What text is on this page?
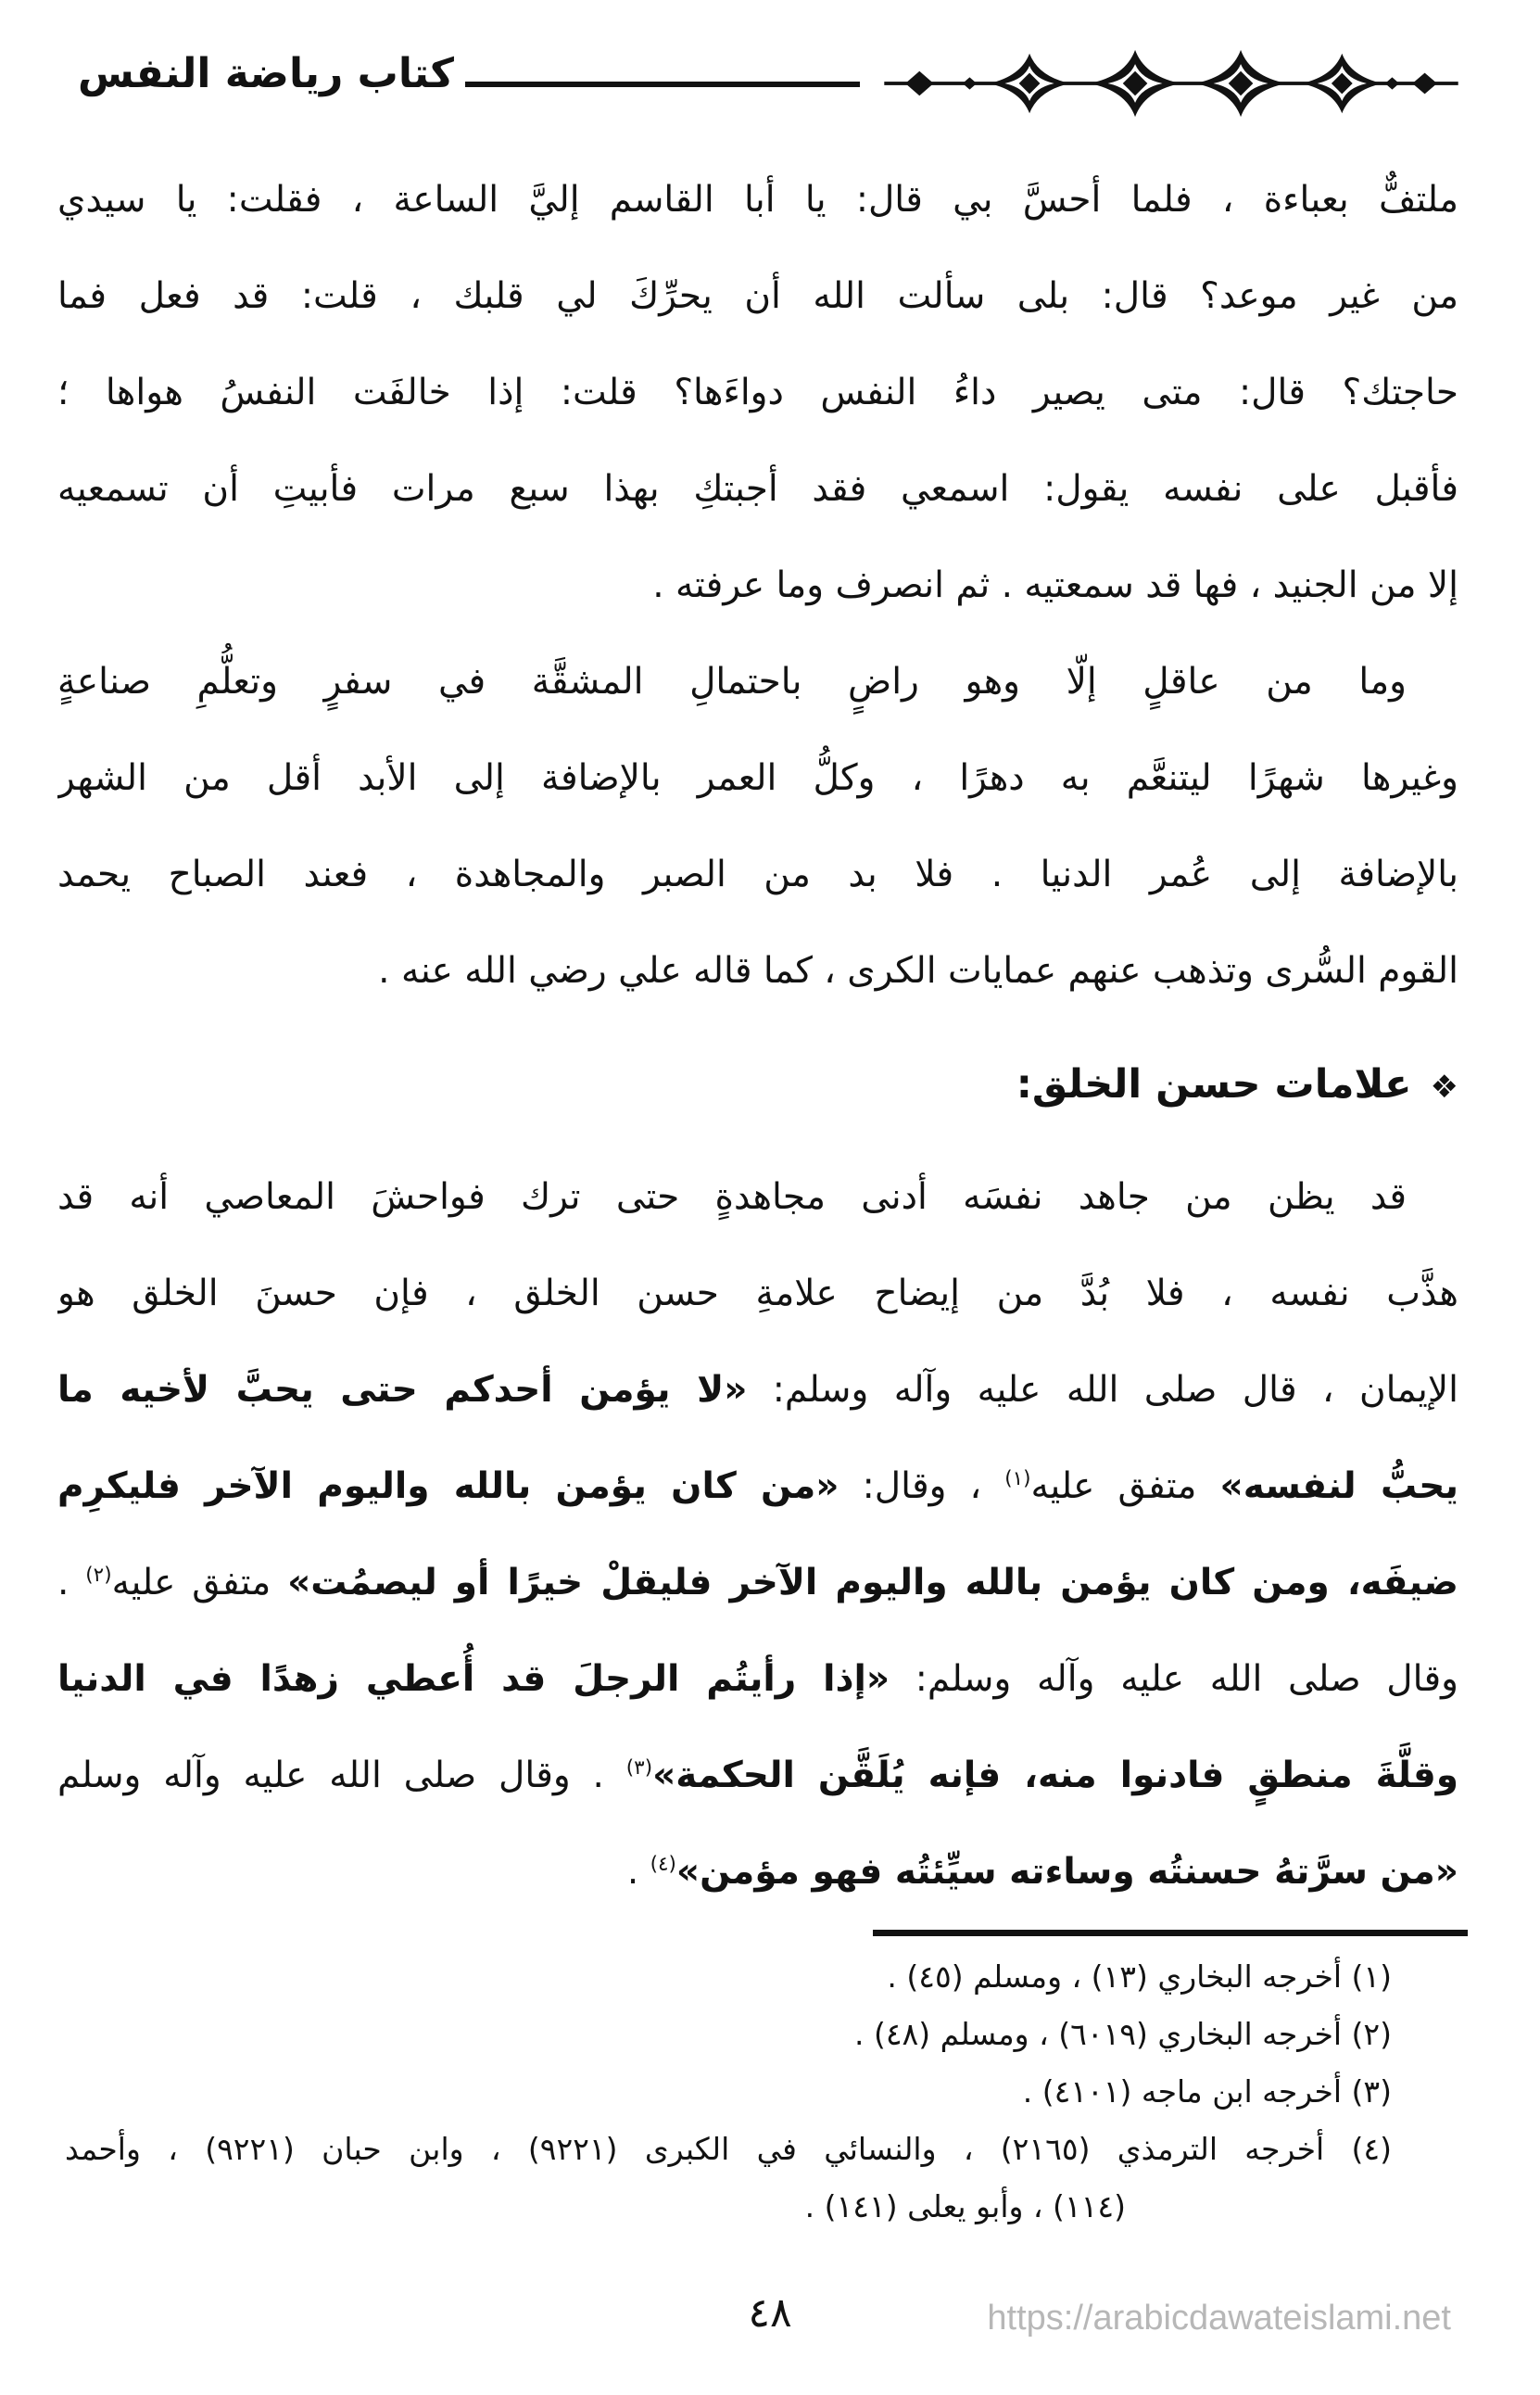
كتاب رياضة النفس
ملتفٌّ بعباءة ، فلما أحسَّ بي قال: يا أبا القاسم إليَّ الساعة ، فقلت: يا سيدي
من غير موعد؟ قال: بلى سألت الله أن يحرِّكَ لي قلبك ، قلت: قد فعل فما
حاجتك؟ قال: متى يصير داءُ النفس دواءَها؟ قلت: إذا خالفَت النفسُ هواها ؛
فأقبل على نفسه يقول: اسمعي فقد أجبتكِ بهذا سبع مرات فأبيتِ أن تسمعيه
إلا من الجنيد ، فها قد سمعتيه . ثم انصرف وما عرفته .
وما من عاقلٍ إلّا وهو راضٍ باحتمالِ المشقَّة في سفرٍ وتعلُّمِ صناعةٍ
وغيرها شهرًا ليتنعَّم به دهرًا ، وكلُّ العمر بالإضافة إلى الأبد أقل من الشهر
بالإضافة إلى عُمر الدنيا . فلا بد من الصبر والمجاهدة ، فعند الصباح يحمد
القوم السُّرى وتذهب عنهم عمايات الكرى ، كما قاله علي رضي الله عنه .
❖علامات حسن الخلق:
قد يظن من جاهد نفسَه أدنى مجاهدةٍ حتى ترك فواحشَ المعاصي أنه قد
هذَّب نفسه ، فلا بُدَّ من إيضاح علامةِ حسن الخلق ، فإن حسنَ الخلق هو
الإيمان ، قال صلى الله عليه وآله وسلم: «لا يؤمن أحدكم حتى يحبَّ لأخيه ما
يحبُّ لنفسه» متفق عليه$^{(١)}$ ، وقال: «من كان يؤمن بالله واليوم الآخر فليكرِم
ضيفَه، ومن كان يؤمن بالله واليوم الآخر فليقلْ خيرًا أو ليصمُت» متفق عليه$^{(٢)}$ .
وقال صلى الله عليه وآله وسلم: «إذا رأيتُم الرجلَ قد أُعطي زهدًا في الدنيا
وقلَّةَ منطقٍ فادنوا منه، فإنه يُلَقَّن الحكمة»$^{(٣)}$ . وقال صلى الله عليه وآله وسلم
«من سرَّتهُ حسنتُه وساءته سيِّئتُه فهو مؤمن»$^{(٤)}$ .
(١) أخرجه البخاري (١٣) ، ومسلم (٤٥) .
(٢) أخرجه البخاري (٦٠١٩) ، ومسلم (٤٨) .
(٣) أخرجه ابن ماجه (٤١٠١) .
(٤) أخرجه الترمذي (٢١٦٥) ، والنسائي في الكبرى (٩٢٢١) ، وابن حبان (٩٢٢١) ، وأحمد
(١١٤) ، وأبو يعلى (١٤١) .
٤٨	https://arabicdawateislami.net
